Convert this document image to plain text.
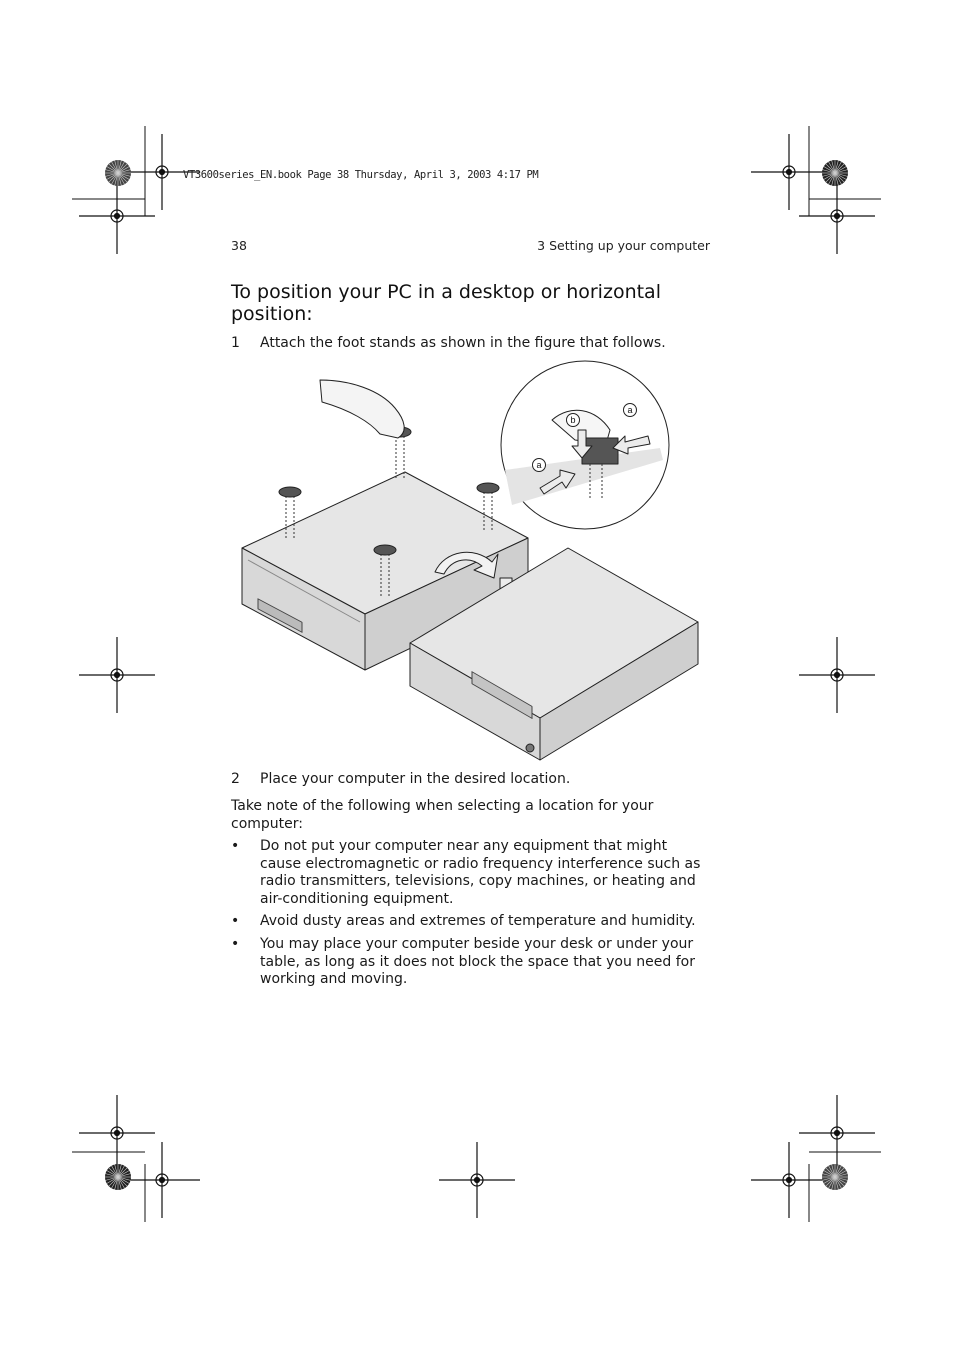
VT3600series_EN.book Page 38 Thursday, April 3, 2003 4:17 PM
38	3 Setting up your computer
To position your PC in a desktop or horizontal position:
1 Attach the foot stands as shown in the figure that follows.
b
a
a
2 Place your computer in the desired location.

Take note of the following when selecting a location for your computer:

• Do not put your computer near any equipment that might cause electromagnetic or radio frequency interference such as radio transmitters, televisions, copy machines, or heating and air-conditioning equipment.
• Avoid dusty areas and extremes of temperature and humidity.
• You may place your computer beside your desk or under your table, as long as it does not block the space that you need for working and moving.
